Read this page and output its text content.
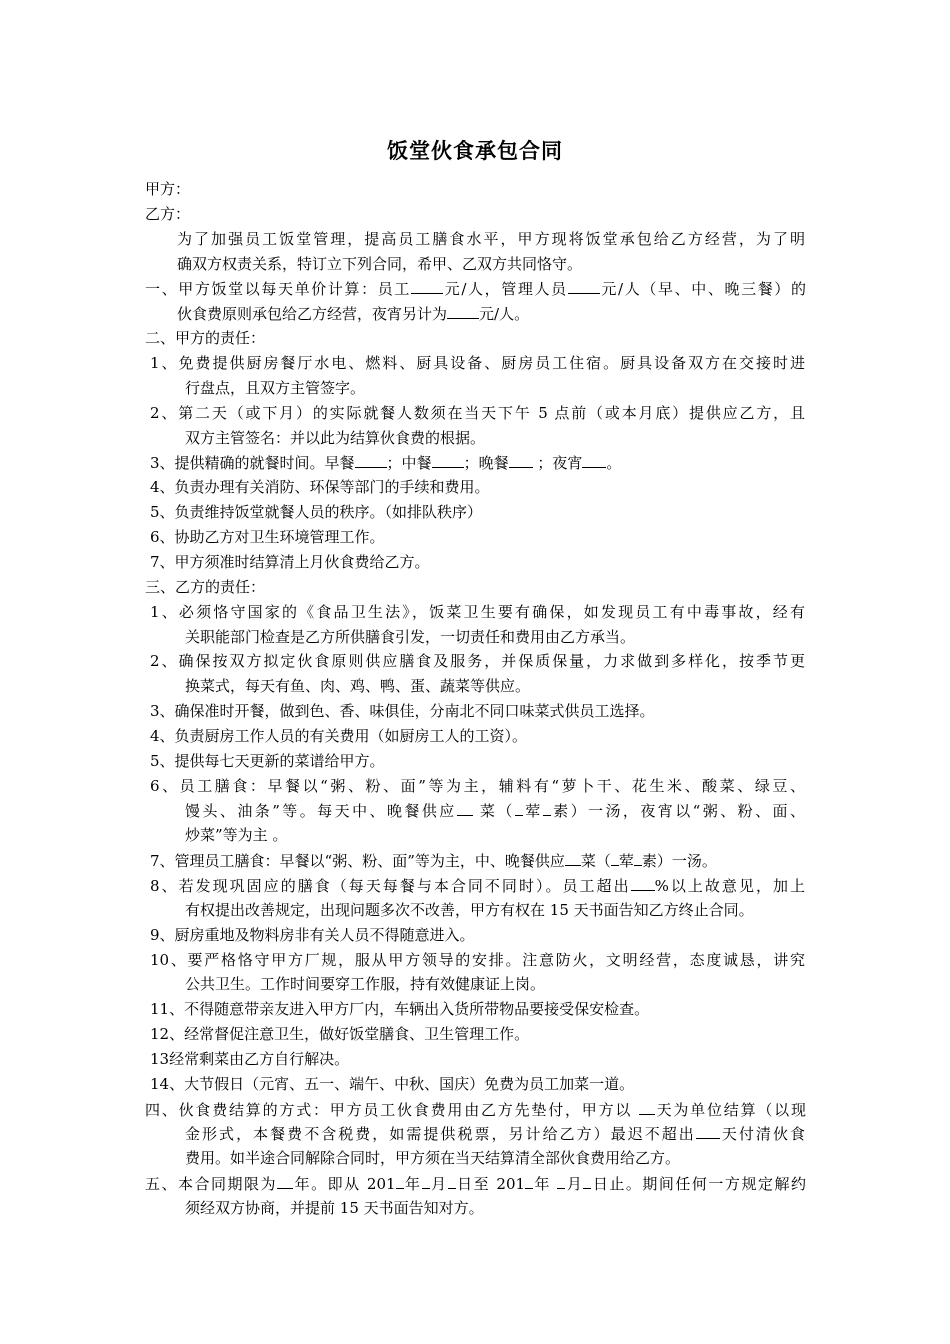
饭堂伙食承包合同
甲方：
乙方：
为了加强员工饭堂管理，提高员工膳食水平，甲方现将饭堂承包给乙方经营，为了明
确双方权责关系，特订立下列合同，希甲、乙双方共同恪守。
一、甲方饭堂以每天单价计算：员工 元/人，管理人员 元/人（早、中、晚三餐）的
伙食费原则承包给乙方经营，夜宵另计为 元/人。
二、甲方的责任：
1、免费提供厨房餐厅水电、燃料、厨具设备、厨房员工住宿。厨具设备双方在交接时进
行盘点，且双方主管签字。
2、第二天（或下月）的实际就餐人数须在当天下午 5 点前（或本月底）提供应乙方，且
双方主管签名：并以此为结算伙食费的根据。
3、提供精确的就餐时间。早餐 ；中餐 ；晚餐 ；夜宵 。
4、负责办理有关消防、环保等部门的手续和费用。
5、负责维持饭堂就餐人员的秩序。（如排队秩序）
6、协助乙方对卫生环境管理工作。
7、甲方须准时结算清上月伙食费给乙方。
三、乙方的责任：
1、必须恪守国家的《食品卫生法》，饭菜卫生要有确保，如发现员工有中毒事故，经有
关职能部门检查是乙方所供膳食引发，一切责任和费用由乙方承当。
2、确保按双方拟定伙食原则供应膳食及服务，并保质保量，力求做到多样化，按季节更
换菜式，每天有鱼、肉、鸡、鸭、蛋、蔬菜等供应。
3、确保准时开餐，做到色、香、味俱佳，分南北不同口味菜式供员工选择。
4、负责厨房工作人员的有关费用（如厨房工人的工资）。
5、提供每七天更新的菜谱给甲方。
6、员工膳食：早餐以“粥、粉、面”等为主，辅料有“萝卜干、花生米、酸菜、绿豆、
馒头、油条”等。每天中、晚餐供应 菜（ 荤 素）一汤，夜宵以“粥、粉、面、
炒菜”等为主 。
7、管理员工膳食：早餐以“粥、粉、面”等为主，中、晚餐供应 菜（ 荤 素）一汤。
8、若发现巩固应的膳食（每天每餐与本合同不同时）。员工超出 %以上故意见，加上
有权提出改善规定，出现问题多次不改善，甲方有权在 15 天书面告知乙方终止合同。
9、厨房重地及物料房非有关人员不得随意进入。
10、要严格恪守甲方厂规，服从甲方领导的安排。注意防火，文明经营，态度诚恳，讲究
公共卫生。工作时间要穿工作服，持有效健康证上岗。
11、不得随意带亲友进入甲方厂内，车辆出入货所带物品要接受保安检查。
12、经常督促注意卫生，做好饭堂膳食、卫生管理工作。
13经常剩菜由乙方自行解决。
14、大节假日（元宵、五一、端午、中秋、国庆）免费为员工加菜一道。
四、伙食费结算的方式：甲方员工伙食费用由乙方先垫付，甲方以 天为单位结算（以现
金形式，本餐费不含税费，如需提供税票，另计给乙方）最迟不超出 天付清伙食
费用。如半途合同解除合同时，甲方须在当天结算清全部伙食费用给乙方。
五、本合同期限为 年。即从 201 年 月 日至 201 年 月 日止。期间任何一方规定解约
须经双方协商，并提前 15 天书面告知对方。
